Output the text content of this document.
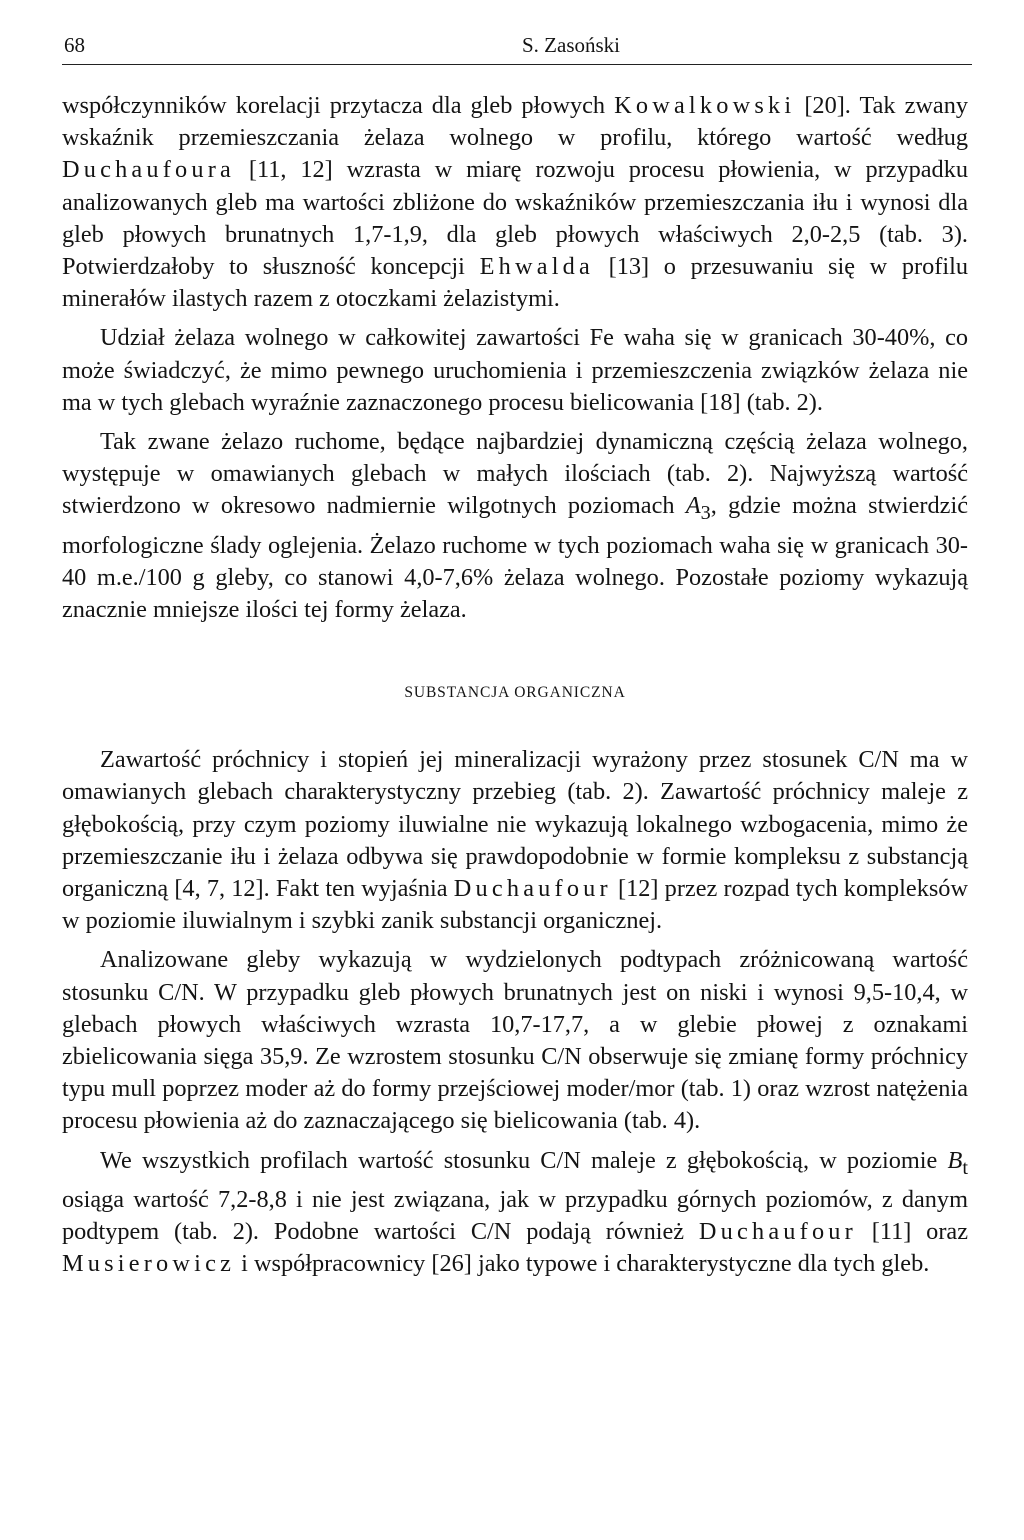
68	S. Zasoński

współczynników korelacji przytacza dla gleb płowych Kowalkowski [20]. Tak zwany wskaźnik przemieszczania żelaza wolnego w profilu, którego wartość według Duchaufoura [11, 12] wzrasta w miarę rozwoju procesu płowienia, w przypadku analizowanych gleb ma wartości zbliżone do wskaźników przemieszczania iłu i wynosi dla gleb płowych brunatnych 1,7-1,9, dla gleb płowych właściwych 2,0-2,5 (tab. 3). Potwierdzałoby to słuszność koncepcji Ehwalda [13] o przesuwaniu się w profilu minerałów ilastych razem z otoczkami żelazistymi.

Udział żelaza wolnego w całkowitej zawartości Fe waha się w granicach 30-40%, co może świadczyć, że mimo pewnego uruchomienia i przemieszczenia związków żelaza nie ma w tych glebach wyraźnie zaznaczonego procesu bielicowania [18] (tab. 2).

Tak zwane żelazo ruchome, będące najbardziej dynamiczną częścią żelaza wolnego, występuje w omawianych glebach w małych ilościach (tab. 2). Najwyższą wartość stwierdzono w okresowo nadmiernie wilgotnych poziomach $A_3$, gdzie można stwierdzić morfologiczne ślady oglejenia. Żelazo ruchome w tych poziomach waha się w granicach 30-40 m.e./100 g gleby, co stanowi 4,0-7,6% żelaza wolnego. Pozostałe poziomy wykazują znacznie mniejsze ilości tej formy żelaza.

SUBSTANCJA ORGANICZNA

Zawartość próchnicy i stopień jej mineralizacji wyrażony przez stosunek C/N ma w omawianych glebach charakterystyczny przebieg (tab. 2). Zawartość próchnicy maleje z głębokością, przy czym poziomy iluwialne nie wykazują lokalnego wzbogacenia, mimo że przemieszczanie iłu i żelaza odbywa się prawdopodobnie w formie kompleksu z substancją organiczną [4, 7, 12]. Fakt ten wyjaśnia Duchaufour [12] przez rozpad tych kompleksów w poziomie iluwialnym i szybki zanik substancji organicznej.

Analizowane gleby wykazują w wydzielonych podtypach zróżnicowaną wartość stosunku C/N. W przypadku gleb płowych brunatnych jest on niski i wynosi 9,5-10,4, w glebach płowych właściwych wzrasta 10,7-17,7, a w glebie płowej z oznakami zbielicowania sięga 35,9. Ze wzrostem stosunku C/N obserwuje się zmianę formy próchnicy typu mull poprzez moder aż do formy przejściowej moder/mor (tab. 1) oraz wzrost natężenia procesu płowienia aż do zaznaczającego się bielicowania (tab. 4).

We wszystkich profilach wartość stosunku C/N maleje z głębokością, w poziomie $B_t$ osiąga wartość 7,2-8,8 i nie jest związana, jak w przypadku górnych poziomów, z danym podtypem (tab. 2). Podobne wartości C/N podają również Duchaufour [11] oraz Musierowicz i współpracownicy [26] jako typowe i charakterystyczne dla tych gleb.
